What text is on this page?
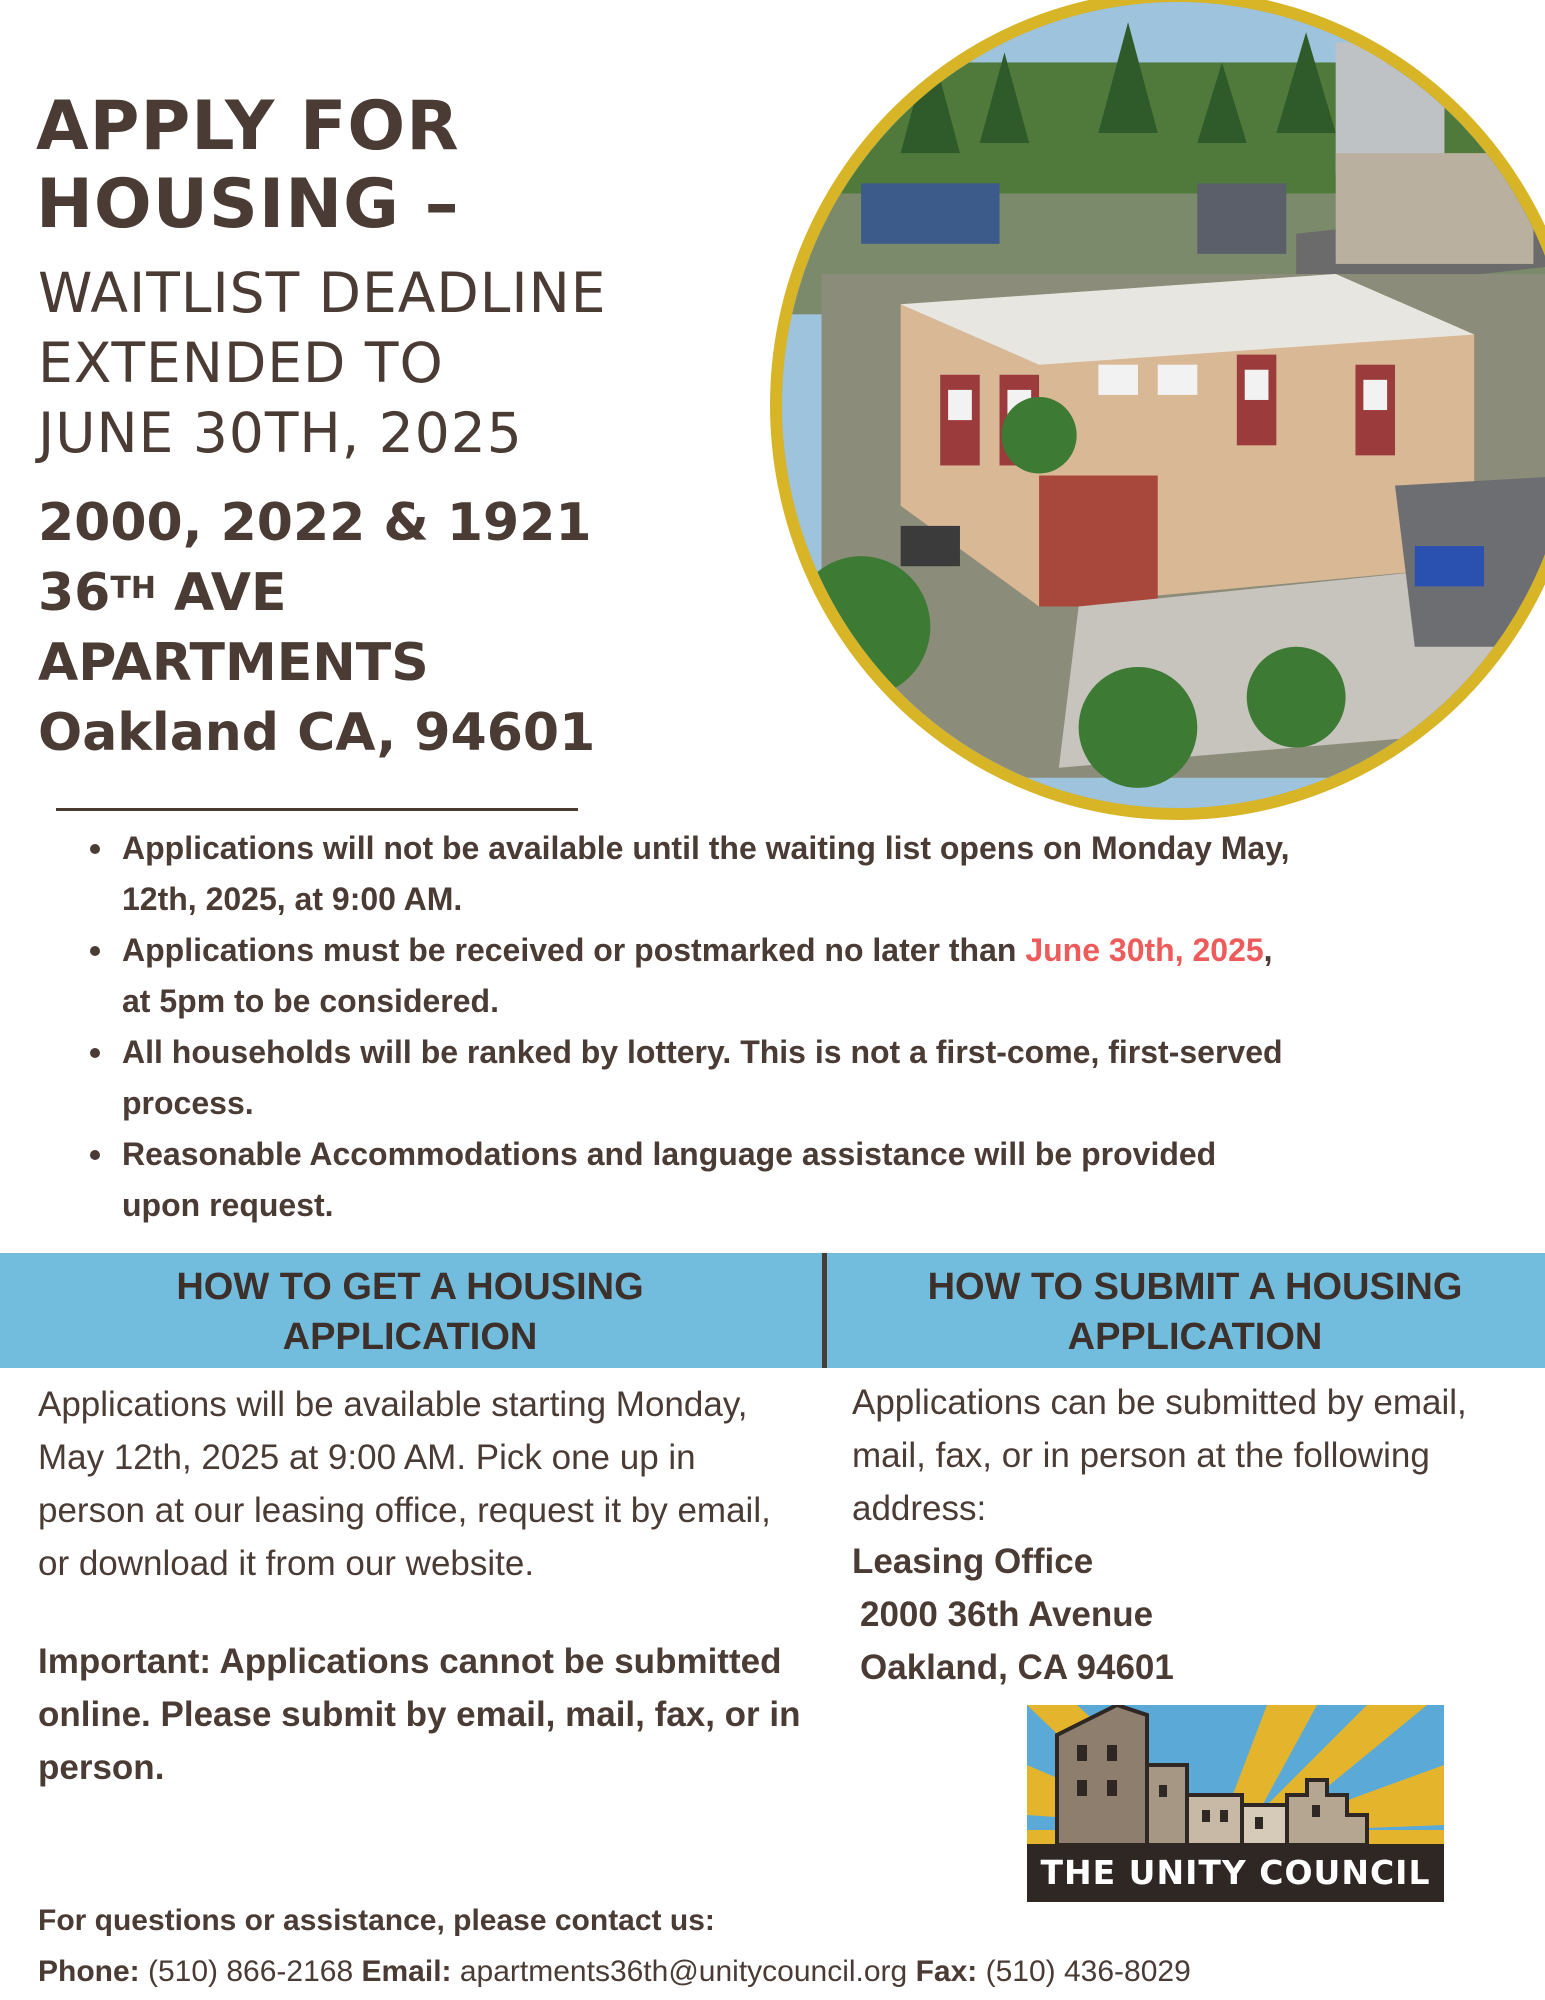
APPLY FOR
HOUSING –
WAITLIST DEADLINE
EXTENDED TO
JUNE 30TH, 2025
2000, 2022 & 1921
36TH AVE
APARTMENTS
Oakland CA, 94601
Applications will not be available until the waiting list opens on Monday May, 12th, 2025, at 9:00 AM.
Applications must be received or postmarked no later than June 30th, 2025, at 5pm to be considered.
All households will be ranked by lottery. This is not a first-come, first-served process.
Reasonable Accommodations and language assistance will be provided upon request.
HOW TO GET A HOUSING
APPLICATION
HOW TO SUBMIT A HOUSING
APPLICATION
Applications will be available starting Monday, May 12th, 2025 at 9:00 AM. Pick one up in person at our leasing office, request it by email, or download it from our website.
Important: Applications cannot be submitted online. Please submit by email, mail, fax, or in person.
Applications can be submitted by email, mail, fax, or in person at the following address:
Leasing Office
2000 36th Avenue
Oakland, CA 94601
THE UNITY COUNCIL
For questions or assistance, please contact us:
Phone: (510) 866-2168 Email: apartments36th@unitycouncil.org Fax: (510) 436-8029
